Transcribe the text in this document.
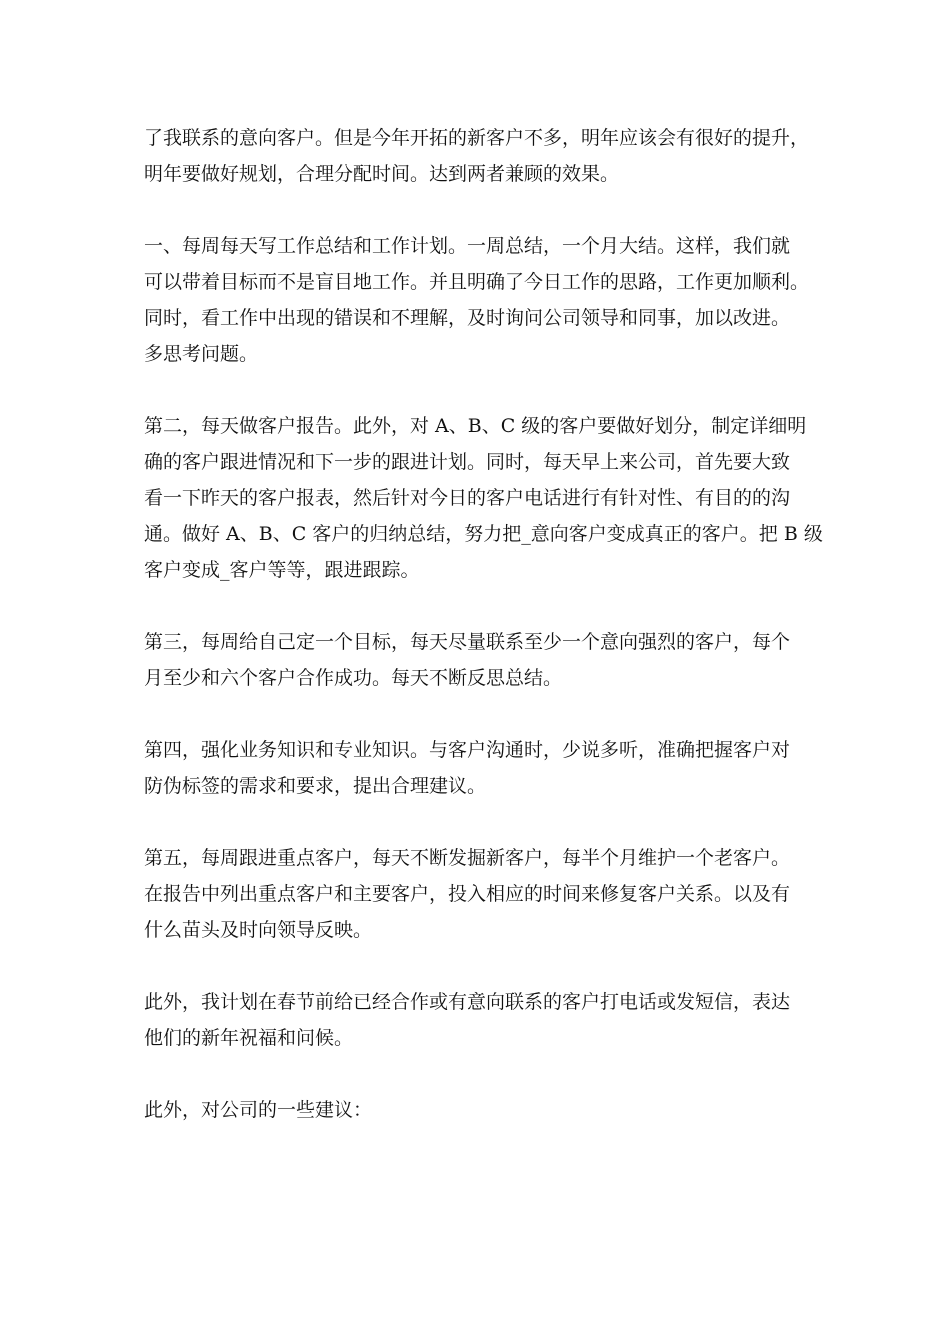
了我联系的意向客户。但是今年开拓的新客户不多，明年应该会有很好的提升，
明年要做好规划，合理分配时间。达到两者兼顾的效果。

一、每周每天写工作总结和工作计划。一周总结，一个月大结。这样，我们就
可以带着目标而不是盲目地工作。并且明确了今日工作的思路，工作更加顺利。
同时，看工作中出现的错误和不理解，及时询问公司领导和同事，加以改进。
多思考问题。

第二，每天做客户报告。此外，对 A、B、C 级的客户要做好划分，制定详细明
确的客户跟进情况和下一步的跟进计划。同时，每天早上来公司，首先要大致
看一下昨天的客户报表，然后针对今日的客户电话进行有针对性、有目的的沟
通。做好 A、B、C 客户的归纳总结，努力把_意向客户变成真正的客户。把 B 级
客户变成_客户等等，跟进跟踪。

第三，每周给自己定一个目标，每天尽量联系至少一个意向强烈的客户，每个
月至少和六个客户合作成功。每天不断反思总结。

第四，强化业务知识和专业知识。与客户沟通时，少说多听，准确把握客户对
防伪标签的需求和要求，提出合理建议。

第五，每周跟进重点客户，每天不断发掘新客户，每半个月维护一个老客户。
在报告中列出重点客户和主要客户，投入相应的时间来修复客户关系。以及有
什么苗头及时向领导反映。

此外，我计划在春节前给已经合作或有意向联系的客户打电话或发短信，表达
他们的新年祝福和问候。

此外，对公司的一些建议：
